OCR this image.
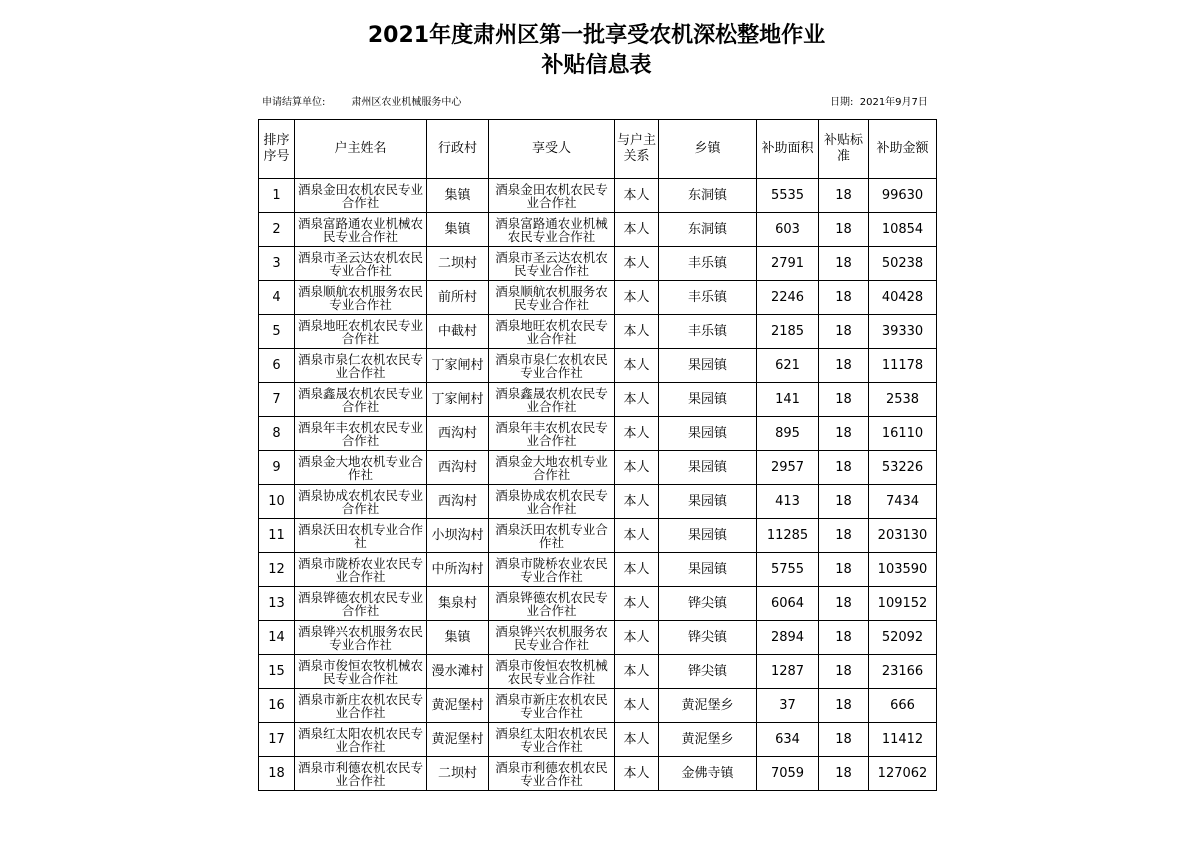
2021年度肃州区第一批享受农机深松整地作业
补贴信息表
申请结算单位:	肃州区农业机械服务中心	日期: 2021年9月7日
排序序号	户主姓名	行政村	享受人	与户主关系	乡镇	补助面积	补贴标准	补助金额
1	酒泉金田农机农民专业合作社	集镇	酒泉金田农机农民专业合作社	本人	东洞镇	5535	18	99630
2	酒泉富路通农业机械农民专业合作社	集镇	酒泉富路通农业机械农民专业合作社	本人	东洞镇	603	18	10854
3	酒泉市圣云达农机农民专业合作社	二坝村	酒泉市圣云达农机农民专业合作社	本人	丰乐镇	2791	18	50238
4	酒泉顺航农机服务农民专业合作社	前所村	酒泉顺航农机服务农民专业合作社	本人	丰乐镇	2246	18	40428
5	酒泉地旺农机农民专业合作社	中截村	酒泉地旺农机农民专业合作社	本人	丰乐镇	2185	18	39330
6	酒泉市泉仁农机农民专业合作社	丁家闸村	酒泉市泉仁农机农民专业合作社	本人	果园镇	621	18	11178
7	酒泉鑫晟农机农民专业合作社	丁家闸村	酒泉鑫晟农机农民专业合作社	本人	果园镇	141	18	2538
8	酒泉年丰农机农民专业合作社	西沟村	酒泉年丰农机农民专业合作社	本人	果园镇	895	18	16110
9	酒泉金大地农机专业合作社	西沟村	酒泉金大地农机专业合作社	本人	果园镇	2957	18	53226
10	酒泉协成农机农民专业合作社	西沟村	酒泉协成农机农民专业合作社	本人	果园镇	413	18	7434
11	酒泉沃田农机专业合作社	小坝沟村	酒泉沃田农机专业合作社	本人	果园镇	11285	18	203130
12	酒泉市陇桥农业农民专业合作社	中所沟村	酒泉市陇桥农业农民专业合作社	本人	果园镇	5755	18	103590
13	酒泉铧德农机农民专业合作社	集泉村	酒泉铧德农机农民专业合作社	本人	铧尖镇	6064	18	109152
14	酒泉铧兴农机服务农民专业合作社	集镇	酒泉铧兴农机服务农民专业合作社	本人	铧尖镇	2894	18	52092
15	酒泉市俊恒农牧机械农民专业合作社	漫水滩村	酒泉市俊恒农牧机械农民专业合作社	本人	铧尖镇	1287	18	23166
16	酒泉市新庄农机农民专业合作社	黄泥堡村	酒泉市新庄农机农民专业合作社	本人	黄泥堡乡	37	18	666
17	酒泉红太阳农机农民专业合作社	黄泥堡村	酒泉红太阳农机农民专业合作社	本人	黄泥堡乡	634	18	11412
18	酒泉市利德农机农民专业合作社	二坝村	酒泉市利德农机农民专业合作社	本人	金佛寺镇	7059	18	127062
